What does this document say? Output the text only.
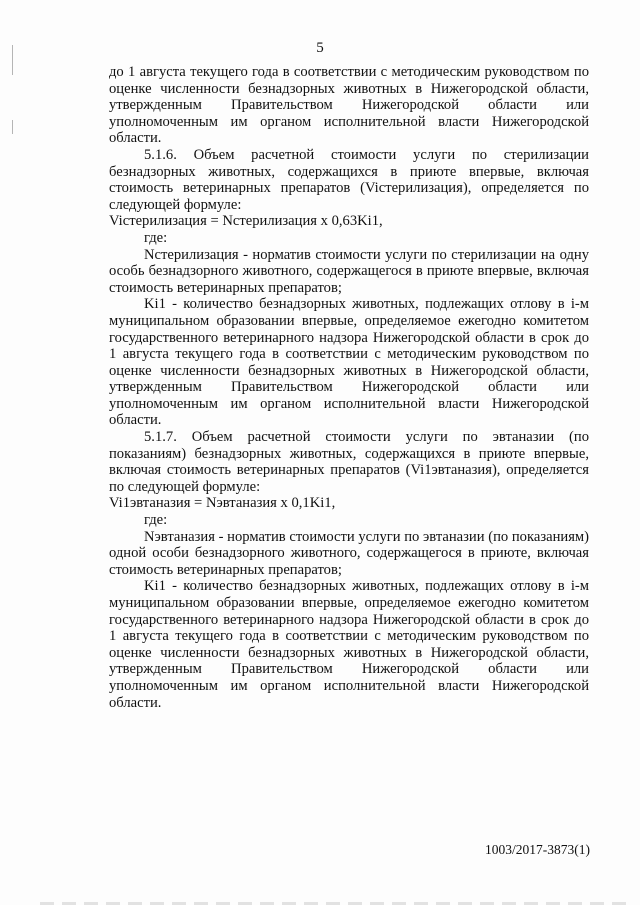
5

до 1 августа текущего года в соответствии с методическим руководством по оценке численности безнадзорных животных в Нижегородской области, утвержденным Правительством Нижегородской области или уполномоченным им органом исполнительной власти Нижегородской области.

5.1.6. Объем расчетной стоимости услуги по стерилизации безнадзорных животных, содержащихся в приюте впервые, включая стоимость ветеринарных препаратов (Viстерилизация), определяется по следующей формуле:

Viстерилизация = Nстерилизация x 0,63Ki1,

где:

Nстерилизация - норматив стоимости услуги по стерилизации на одну особь безнадзорного животного, содержащегося в приюте впервые, включая стоимость ветеринарных препаратов;

Ki1 - количество безнадзорных животных, подлежащих отлову в i-м муниципальном образовании впервые, определяемое ежегодно комитетом государственного ветеринарного надзора Нижегородской области в срок до 1 августа текущего года в соответствии с методическим руководством по оценке численности безнадзорных животных в Нижегородской области, утвержденным Правительством Нижегородской области или уполномоченным им органом исполнительной власти Нижегородской области.

5.1.7. Объем расчетной стоимости услуги по эвтаназии (по показаниям) безнадзорных животных, содержащихся в приюте впервые, включая стоимость ветеринарных препаратов (Vi1эвтаназия), определяется по следующей формуле:

Vi1эвтаназия = Nэвтаназия x 0,1Ki1,

где:

Nэвтаназия - норматив стоимости услуги по эвтаназии (по показаниям) одной особи безнадзорного животного, содержащегося в приюте, включая стоимость ветеринарных препаратов;

Ki1 - количество безнадзорных животных, подлежащих отлову в i-м муниципальном образовании впервые, определяемое ежегодно комитетом государственного ветеринарного надзора Нижегородской области в срок до 1 августа текущего года в соответствии с методическим руководством по оценке численности безнадзорных животных в Нижегородской области, утвержденным Правительством Нижегородской области или уполномоченным им органом исполнительной власти Нижегородской области.

1003/2017-3873(1)
